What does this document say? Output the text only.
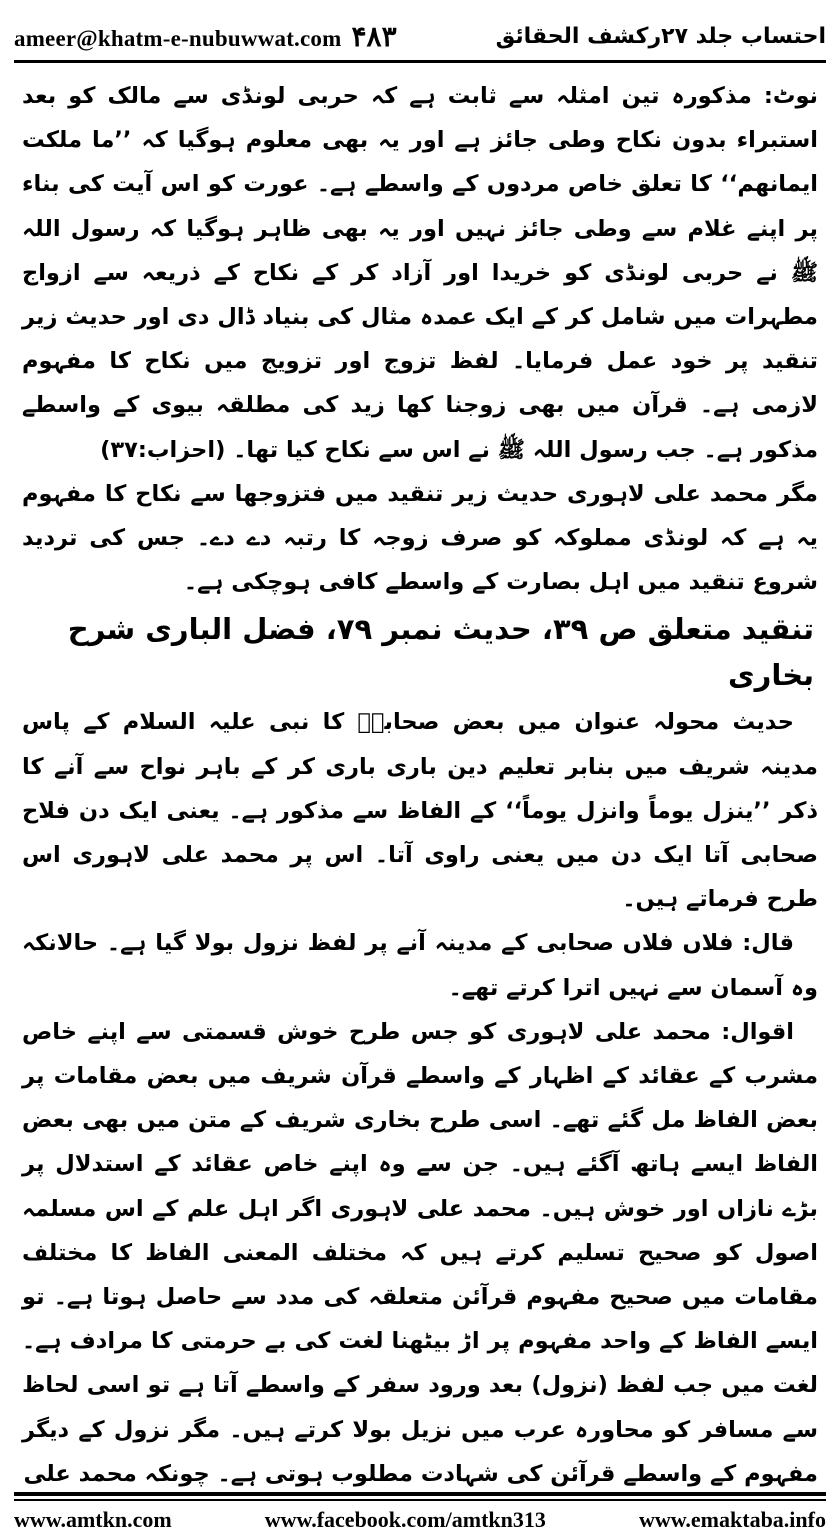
ameer@khatm-e-nubuwwat.com ۴۸۳	احتساب جلد ۲۷رکشف الحقائق

نوٹ: مذکورہ تین امثلہ سے ثابت ہے کہ حربی لونڈی سے مالک کو بعد استبراء بدون نکاح وطی جائز ہے اور یہ بھی معلوم ہوگیا کہ ’’ما ملکت ایمانھم‘‘ کا تعلق خاص مردوں کے واسطے ہے۔ عورت کو اس آیت کی بناء پر اپنے غلام سے وطی جائز نہیں اور یہ بھی ظاہر ہوگیا کہ رسول اللہ ﷺ نے حربی لونڈی کو خریدا اور آزاد کر کے نکاح کے ذریعہ سے ازواج مطہرات میں شامل کر کے ایک عمدہ مثال کی بنیاد ڈال دی اور حدیث زیر تنقید پر خود عمل فرمایا۔ لفظ تزوج اور تزویج میں نکاح کا مفہوم لازمی ہے۔ قرآن میں بھی زوجنا کھا زید کی مطلقہ بیوی کے واسطے مذکور ہے۔ جب رسول اللہ ﷺ نے اس سے نکاح کیا تھا۔ (احزاب:۳۷)

مگر محمد علی لاہوری حدیث زیر تنقید میں فتزوجھا سے نکاح کا مفہوم یہ ہے کہ لونڈی مملوکہ کو صرف زوجہ کا رتبہ دے دے۔ جس کی تردید شروع تنقید میں اہل بصارت کے واسطے کافی ہوچکی ہے۔

تنقید متعلق ص ۳۹، حدیث نمبر ۷۹، فضل الباری شرح بخاری

حدیث محولہ عنوان میں بعض صحابہؓ کا نبی علیہ السلام کے پاس مدینہ شریف میں بنابر تعلیم دین باری باری کر کے باہر نواح سے آنے کا ذکر ’’ینزل یوماً وانزل یوماً‘‘ کے الفاظ سے مذکور ہے۔ یعنی ایک دن فلاح صحابی آتا ایک دن میں یعنی راوی آتا۔ اس پر محمد علی لاہوری اس طرح فرماتے ہیں۔

قال: فلاں فلاں صحابی کے مدینہ آنے پر لفظ نزول بولا گیا ہے۔ حالانکہ وہ آسمان سے نہیں اترا کرتے تھے۔

اقوال: محمد علی لاہوری کو جس طرح خوش قسمتی سے اپنے خاص مشرب کے عقائد کے اظہار کے واسطے قرآن شریف میں بعض مقامات پر بعض الفاظ مل گئے تھے۔ اسی طرح بخاری شریف کے متن میں بھی بعض الفاظ ایسے ہاتھ آگئے ہیں۔ جن سے وہ اپنے خاص عقائد کے استدلال پر بڑے نازاں اور خوش ہیں۔ محمد علی لاہوری اگر اہل علم کے اس مسلمہ اصول کو صحیح تسلیم کرتے ہیں کہ مختلف المعنی الفاظ کا مختلف مقامات میں صحیح مفہوم قرآئن متعلقہ کی مدد سے حاصل ہوتا ہے۔ تو ایسے الفاظ کے واحد مفہوم پر اڑ بیٹھنا لغت کی بے حرمتی کا مرادف ہے۔ لغت میں جب لفظ (نزول) بعد ورود سفر کے واسطے آتا ہے تو اسی لحاظ سے مسافر کو محاورہ عرب میں نزیل بولا کرتے ہیں۔ مگر نزول کے دیگر مفہوم کے واسطے قرآئن کی شہادت مطلوب ہوتی ہے۔ چونکہ محمد علی

www.amtkn.com	www.facebook.com/amtkn313	www.emaktaba.info
